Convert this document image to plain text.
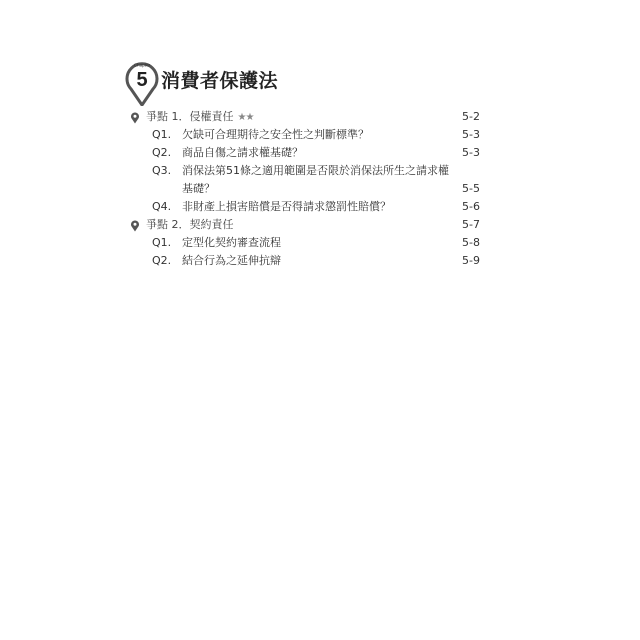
Chapter
5 消費者保護法
爭點 1．侵權責任 ★★	5-2
Q1. 欠缺可合理期待之安全性之判斷標準？	5-3
Q2. 商品自傷之請求權基礎？	5-3
Q3. 消保法第51條之適用範圍是否限於消保法所生之請求權
基礎？	5-5
Q4. 非財產上損害賠償是否得請求懲罰性賠償？	5-6
爭點 2．契約責任	5-7
Q1. 定型化契約審查流程	5-8
Q2. 結合行為之延伸抗辯	5-9
